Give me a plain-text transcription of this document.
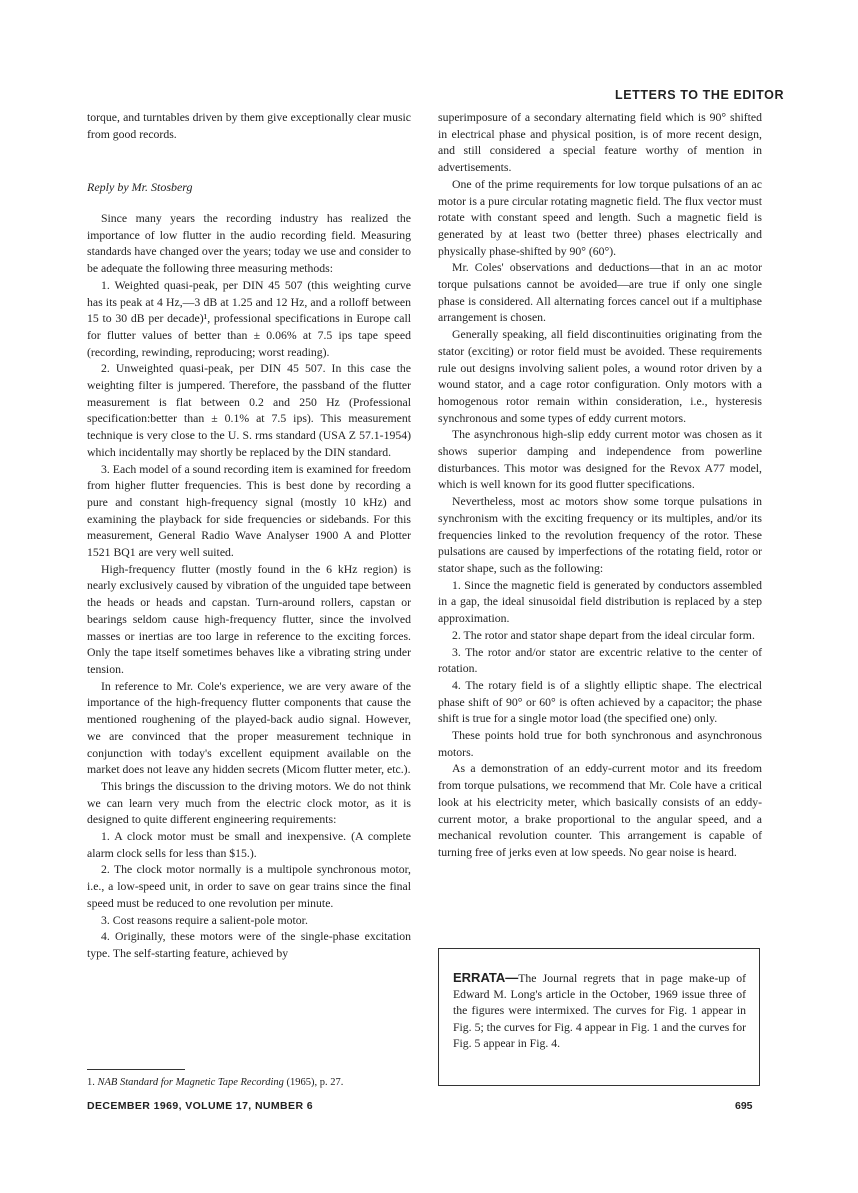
LETTERS TO THE EDITOR

torque, and turntables driven by them give exceptionally clear music from good records.

Reply by Mr. Stosberg

Since many years the recording industry has realized the importance of low flutter in the audio recording field. Measuring standards have changed over the years; today we use and consider to be adequate the following three measuring methods:

1. Weighted quasi-peak, per DIN 45 507 (this weighting curve has its peak at 4 Hz,—3 dB at 1.25 and 12 Hz, and a rolloff between 15 to 30 dB per decade)¹, professional specifications in Europe call for flutter values of better than ± 0.06% at 7.5 ips tape speed (recording, rewinding, reproducing; worst reading).

2. Unweighted quasi-peak, per DIN 45 507. In this case the weighting filter is jumpered. Therefore, the passband of the flutter measurement is flat between 0.2 and 250 Hz (Professional specification:better than ± 0.1% at 7.5 ips). This measurement technique is very close to the U. S. rms standard (USA Z 57.1-1954) which incidentally may shortly be replaced by the DIN standard.

3. Each model of a sound recording item is examined for freedom from higher flutter frequencies. This is best done by recording a pure and constant high-frequency signal (mostly 10 kHz) and examining the playback for side frequencies or sidebands. For this measurement, General Radio Wave Analyser 1900 A and Plotter 1521 BQ1 are very well suited.

High-frequency flutter (mostly found in the 6 kHz region) is nearly exclusively caused by vibration of the unguided tape between the heads or heads and capstan. Turn-around rollers, capstan or bearings seldom cause high-frequency flutter, since the involved masses or inertias are too large in reference to the exciting forces. Only the tape itself sometimes behaves like a vibrating string under tension.

In reference to Mr. Cole's experience, we are very aware of the importance of the high-frequency flutter components that cause the mentioned roughening of the played-back audio signal. However, we are convinced that the proper measurement technique in conjunction with today's excellent equipment available on the market does not leave any hidden secrets (Micom flutter meter, etc.).

This brings the discussion to the driving motors. We do not think we can learn very much from the electric clock motor, as it is designed to quite different engineering requirements:

1. A clock motor must be small and inexpensive. (A complete alarm clock sells for less than $15.).

2. The clock motor normally is a multipole synchronous motor, i.e., a low-speed unit, in order to save on gear trains since the final speed must be reduced to one revolution per minute.

3. Cost reasons require a salient-pole motor.

4. Originally, these motors were of the single-phase excitation type. The self-starting feature, achieved by

superimposure of a secondary alternating field which is 90° shifted in electrical phase and physical position, is of more recent design, and still considered a special feature worthy of mention in advertisements.

One of the prime requirements for low torque pulsations of an ac motor is a pure circular rotating magnetic field. The flux vector must rotate with constant speed and length. Such a magnetic field is generated by at least two (better three) phases electrically and physically phase-shifted by 90° (60°).

Mr. Coles' observations and deductions—that in an ac motor torque pulsations cannot be avoided—are true if only one single phase is considered. All alternating forces cancel out if a multiphase arrangement is chosen.

Generally speaking, all field discontinuities originating from the stator (exciting) or rotor field must be avoided. These requirements rule out designs involving salient poles, a wound rotor driven by a wound stator, and a cage rotor configuration. Only motors with a homogenous rotor remain within consideration, i.e., hysteresis synchronous and some types of eddy current motors.

The asynchronous high-slip eddy current motor was chosen as it shows superior damping and independence from powerline disturbances. This motor was designed for the Revox A77 model, which is well known for its good flutter specifications.

Nevertheless, most ac motors show some torque pulsations in synchronism with the exciting frequency or its multiples, and/or its frequencies linked to the revolution frequency of the rotor. These pulsations are caused by imperfections of the rotating field, rotor or stator shape, such as the following:

1. Since the magnetic field is generated by conductors assembled in a gap, the ideal sinusoidal field distribution is replaced by a step approximation.

2. The rotor and stator shape depart from the ideal circular form.

3. The rotor and/or stator are excentric relative to the center of rotation.

4. The rotary field is of a slightly elliptic shape. The electrical phase shift of 90° or 60° is often achieved by a capacitor; the phase shift is true for a single motor load (the specified one) only.

These points hold true for both synchronous and asynchronous motors.

As a demonstration of an eddy-current motor and its freedom from torque pulsations, we recommend that Mr. Cole have a critical look at his electricity meter, which basically consists of an eddy-current motor, a brake proportional to the angular speed, and a mechanical revolution counter. This arrangement is capable of turning free of jerks even at low speeds. No gear noise is heard.

ERRATA—The Journal regrets that in page make-up of Edward M. Long's article in the October, 1969 issue three of the figures were intermixed. The curves for Fig. 1 appear in Fig. 5; the curves for Fig. 4 appear in Fig. 1 and the curves for Fig. 5 appear in Fig. 4.
1. NAB Standard for Magnetic Tape Recording (1965), p. 27.
DECEMBER 1969, VOLUME 17, NUMBER 6	695
